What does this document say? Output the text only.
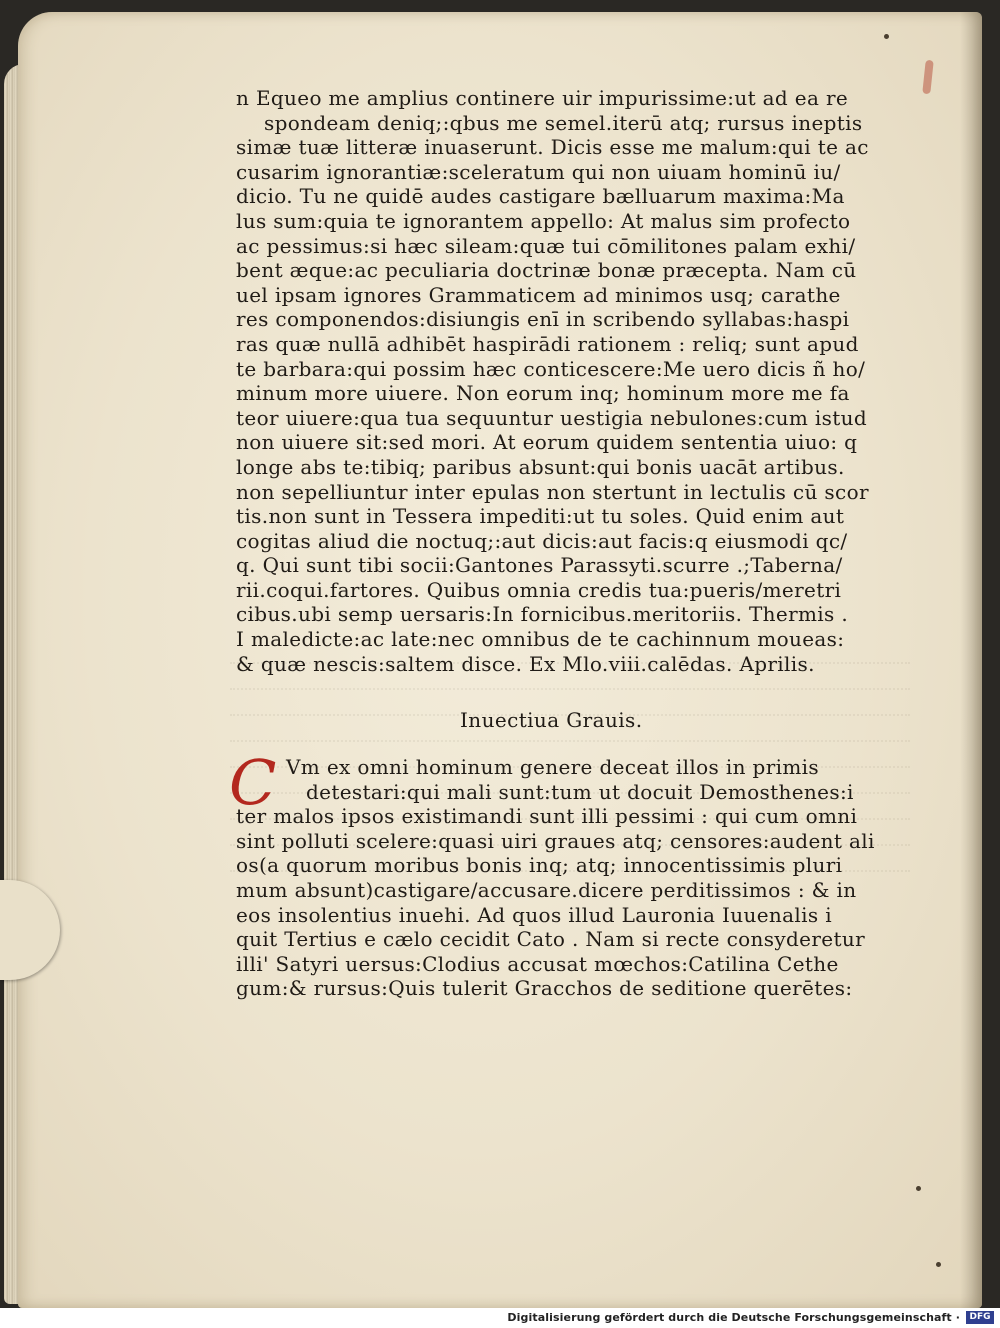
n Equeo me amplius continere uir impurissime:ut ad ea re
spondeam deniq;:qbus me semel.iterū atq; rursus ineptis
simæ tuæ litteræ inuaserunt. Dicis esse me malum:qui te ac
cusarim ignorantiæ:sceleratum qui non uiuam hominū iu/
dicio. Tu ne quidē audes castigare bælluarum maxima:Ma
lus sum:quia te ignorantem appello: At malus sim profecto
ac pessimus:si hæc sileam:quæ tui cōmilitones palam exhi/
bent æque:ac peculiaria doctrinæ bonæ præcepta. Nam cū
uel ipsam ignores Grammaticem ad minimos usq; carathe
res componendos:disiungis enī in scribendo syllabas:haspi
ras quæ nullā adhibēt haspirādi rationem : reliq; sunt apud
te barbara:qui possim hæc conticescere:Me uero dicis ñ ho/
minum more uiuere. Non eorum inq; hominum more me fa
teor uiuere:qua tua sequuntur uestigia nebulones:cum istud
non uiuere sit:sed mori. At eorum quidem sententia uiuo: q
longe abs te:tibiq; paribus absunt:qui bonis uacāt artibus.
non sepelliuntur inter epulas non stertunt in lectulis cū scor
tis.non sunt in Tessera impediti:ut tu soles. Quid enim aut
cogitas aliud die noctuq;:aut dicis:aut facis:q eiusmodi qc/
q. Qui sunt tibi socii:Gantones Parassyti.scurre .;Taberna/
rii.coqui.fartores. Quibus omnia credis tua:pueris/meretri
cibus.ubi semp uersaris:In fornicibus.meritoriis. Thermis .
I maledicte:ac late:nec omnibus de te cachinnum moueas:
& quæ nescis:saltem disce. Ex Mlo.viii.calēdas. Aprilis.
Inuectiua Grauis.
C Vm ex omni hominum genere deceat illos in primis
detestari:qui mali sunt:tum ut docuit Demosthenes:i
ter malos ipsos existimandi sunt illi pessimi : qui cum omni
sint polluti scelere:quasi uiri graues atq; censores:audent ali
os(a quorum moribus bonis inq; atq; innocentissimis pluri
mum absunt)castigare/accusare.dicere perditissimos : & in
eos insolentius inuehi. Ad quos illud Lauronia Iuuenalis i
quit Tertius e cælo cecidit Cato . Nam si recte consyderetur
illi' Satyri uersus:Clodius accusat mœchos:Catilina Cethe
gum:& rursus:Quis tulerit Gracchos de seditione querētes:
Digitalisierung gefördert durch die Deutsche Forschungsgemeinschaft ·	DFG
